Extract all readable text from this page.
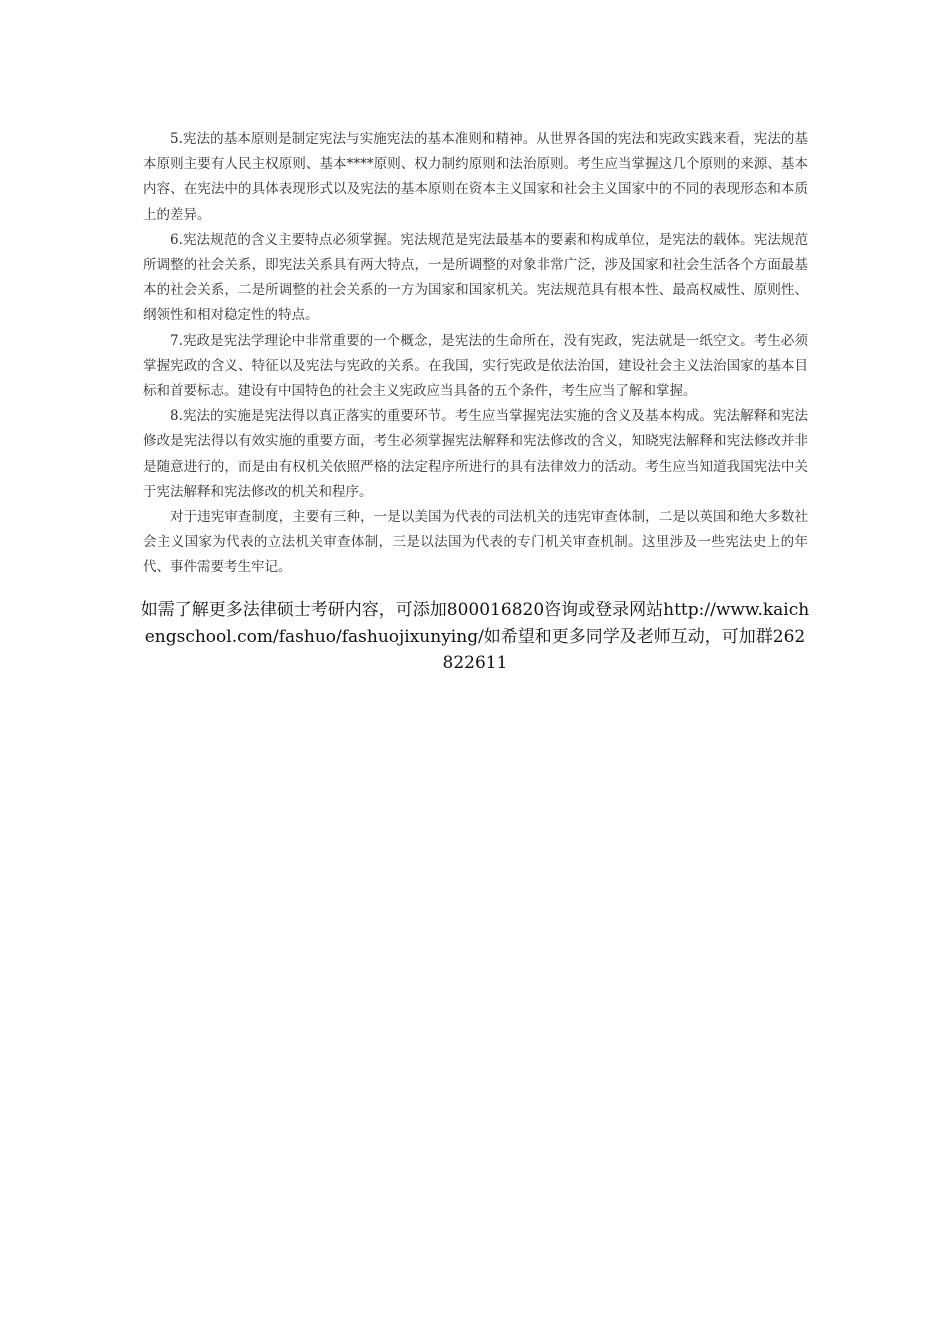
5.宪法的基本原则是制定宪法与实施宪法的基本准则和精神。从世界各国的宪法和宪政实践来看，宪法的基本原则主要有人民主权原则、基本****原则、权力制约原则和法治原则。考生应当掌握这几个原则的来源、基本内容、在宪法中的具体表现形式以及宪法的基本原则在资本主义国家和社会主义国家中的不同的表现形态和本质上的差异。

6.宪法规范的含义主要特点必须掌握。宪法规范是宪法最基本的要素和构成单位，是宪法的载体。宪法规范所调整的社会关系，即宪法关系具有两大特点，一是所调整的对象非常广泛，涉及国家和社会生活各个方面最基本的社会关系，二是所调整的社会关系的一方为国家和国家机关。宪法规范具有根本性、最高权威性、原则性、纲领性和相对稳定性的特点。

7.宪政是宪法学理论中非常重要的一个概念，是宪法的生命所在，没有宪政，宪法就是一纸空文。考生必须掌握宪政的含义、特征以及宪法与宪政的关系。在我国，实行宪政是依法治国，建设社会主义法治国家的基本目标和首要标志。建设有中国特色的社会主义宪政应当具备的五个条件，考生应当了解和掌握。

8.宪法的实施是宪法得以真正落实的重要环节。考生应当掌握宪法实施的含义及基本构成。宪法解释和宪法修改是宪法得以有效实施的重要方面，考生必须掌握宪法解释和宪法修改的含义，知晓宪法解释和宪法修改并非是随意进行的，而是由有权机关依照严格的法定程序所进行的具有法律效力的活动。考生应当知道我国宪法中关于宪法解释和宪法修改的机关和程序。

对于违宪审查制度，主要有三种，一是以美国为代表的司法机关的违宪审查体制，二是以英国和绝大多数社会主义国家为代表的立法机关审查体制，三是以法国为代表的专门机关审查机制。这里涉及一些宪法史上的年代、事件需要考生牢记。

如需了解更多法律硕士考研内容，可添加800016820咨询或登录网站http://www.kaichengschool.com/fashuo/fashuojixunying/如希望和更多同学及老师互动，可加群262822611
